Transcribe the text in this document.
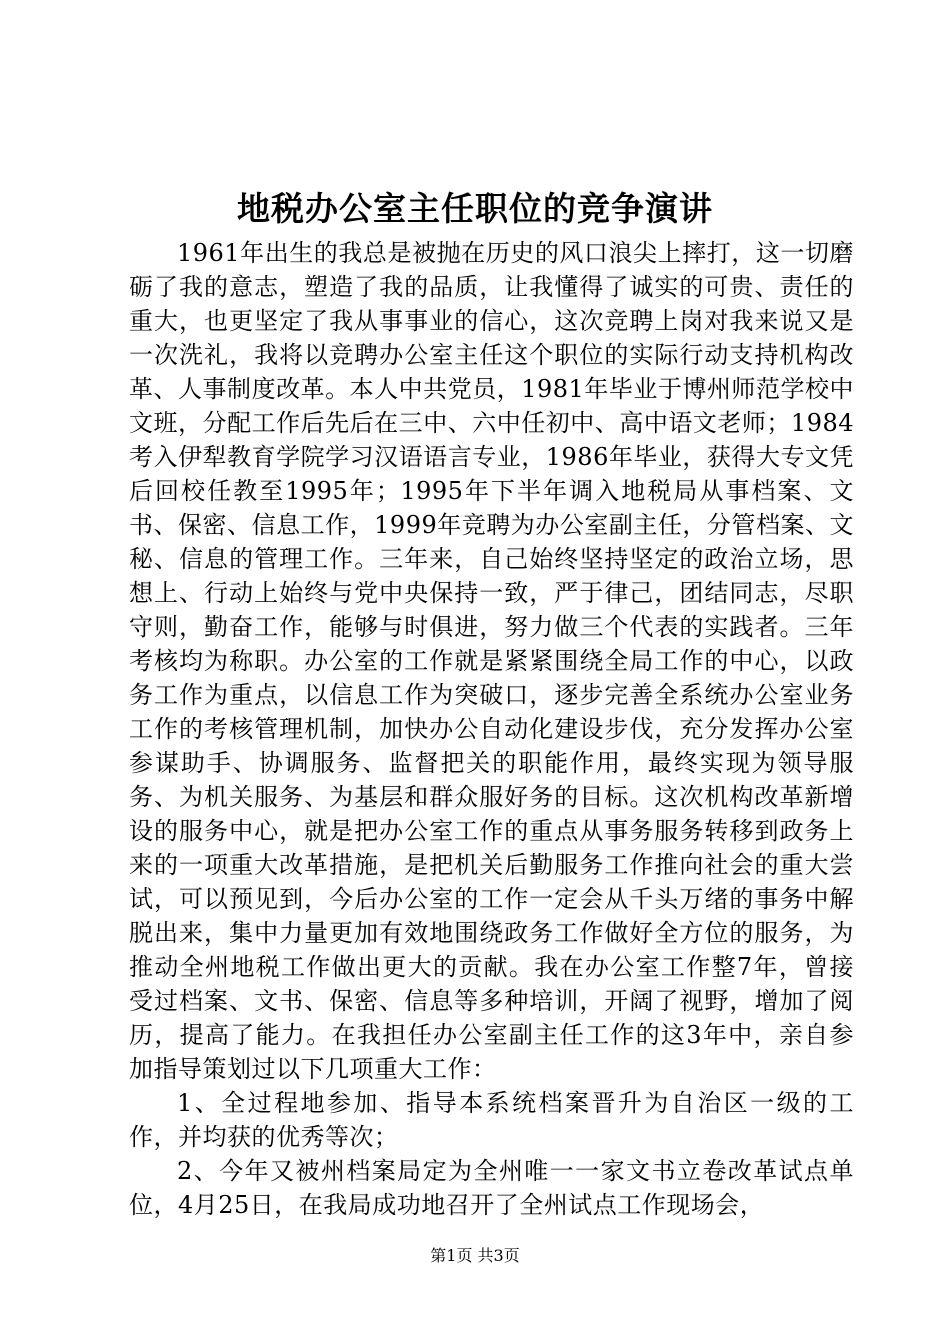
地税办公室主任职位的竞争演讲

1961年出生的我总是被抛在历史的风口浪尖上摔打，这一切磨砺了我的意志，塑造了我的品质，让我懂得了诚实的可贵、责任的重大，也更坚定了我从事事业的信心，这次竞聘上岗对我来说又是一次洗礼，我将以竞聘办公室主任这个职位的实际行动支持机构改革、人事制度改革。本人中共党员，1981年毕业于博州师范学校中文班，分配工作后先后在三中、六中任初中、高中语文老师；1984考入伊犁教育学院学习汉语语言专业，1986年毕业，获得大专文凭后回校任教至1995年；1995年下半年调入地税局从事档案、文书、保密、信息工作，1999年竞聘为办公室副主任，分管档案、文秘、信息的管理工作。三年来，自己始终坚持坚定的政治立场，思想上、行动上始终与党中央保持一致，严于律己，团结同志，尽职守则，勤奋工作，能够与时俱进，努力做三个代表的实践者。三年考核均为称职。办公室的工作就是紧紧围绕全局工作的中心，以政务工作为重点，以信息工作为突破口，逐步完善全系统办公室业务工作的考核管理机制，加快办公自动化建设步伐，充分发挥办公室参谋助手、协调服务、监督把关的职能作用，最终实现为领导服务、为机关服务、为基层和群众服好务的目标。这次机构改革新增设的服务中心，就是把办公室工作的重点从事务服务转移到政务上来的一项重大改革措施，是把机关后勤服务工作推向社会的重大尝试，可以预见到，今后办公室的工作一定会从千头万绪的事务中解脱出来，集中力量更加有效地围绕政务工作做好全方位的服务，为推动全州地税工作做出更大的贡献。我在办公室工作整7年，曾接受过档案、文书、保密、信息等多种培训，开阔了视野，增加了阅历，提高了能力。在我担任办公室副主任工作的这3年中，亲自参加指导策划过以下几项重大工作：

1、全过程地参加、指导本系统档案晋升为自治区一级的工作，并均获的优秀等次；

2、今年又被州档案局定为全州唯一一家文书立卷改革试点单位，4月25日，在我局成功地召开了全州试点工作现场会，

第1页 共3页
